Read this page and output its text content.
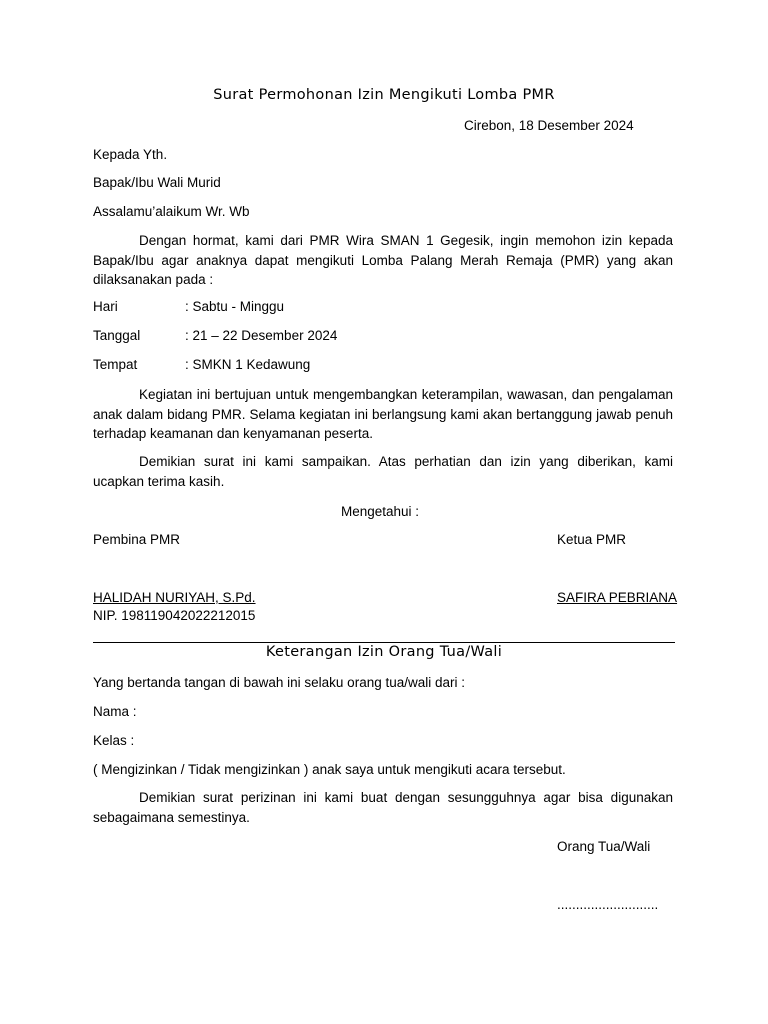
Surat Permohonan Izin Mengikuti Lomba PMR
Cirebon, 18 Desember 2024
Kepada Yth.
Bapak/Ibu Wali Murid
Assalamu’alaikum Wr. Wb
Dengan hormat, kami dari PMR Wira SMAN 1 Gegesik, ingin memohon izin kepada Bapak/Ibu agar anaknya dapat mengikuti Lomba Palang Merah Remaja (PMR) yang akan dilaksanakan pada :
Hari	: Sabtu - Minggu
Tanggal	: 21 – 22 Desember 2024
Tempat	: SMKN 1 Kedawung
Kegiatan ini bertujuan untuk mengembangkan keterampilan, wawasan, dan pengalaman anak dalam bidang PMR. Selama kegiatan ini berlangsung kami akan bertanggung jawab penuh terhadap keamanan dan kenyamanan peserta.
Demikian surat ini kami sampaikan. Atas perhatian dan izin yang diberikan, kami ucapkan terima kasih.
Mengetahui :
Pembina PMR	Ketua PMR
HALIDAH NURIYAH, S.Pd.
NIP. 198119042022212015
SAFIRA PEBRIANA
Keterangan Izin Orang Tua/Wali
Yang bertanda tangan di bawah ini selaku orang tua/wali dari :
Nama :
Kelas :
( Mengizinkan / Tidak mengizinkan ) anak saya untuk mengikuti acara tersebut.
Demikian surat perizinan ini kami buat dengan sesungguhnya agar bisa digunakan sebagaimana semestinya.
Orang Tua/Wali
...........................
